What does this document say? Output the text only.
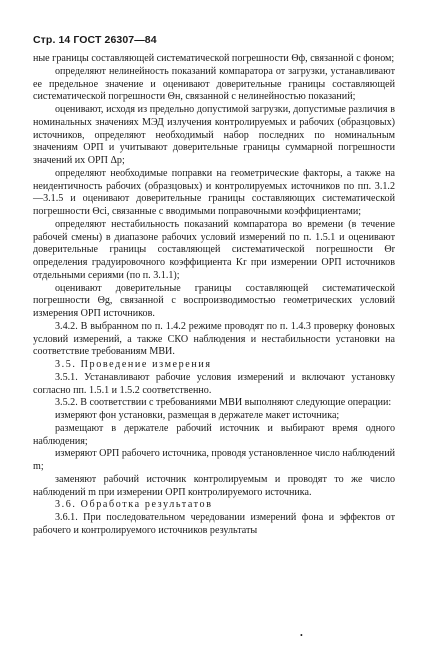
Стр. 14 ГОСТ 26307—84

ные границы составляющей систематической погрешности Θф, связанной с фоном;

определяют нелинейность показаний компаратора от загрузки, устанавливают ее предельное значение и оценивают доверительные границы составляющей систематической погрешности Θн, связанной с нелинейностью показаний;

оценивают, исходя из предельно допустимой загрузки, допустимые различия в номинальных значениях МЭД излучения контролируемых и рабочих (образцовых) источников, определяют необходимый набор последних по номинальным значениям ОРП и учитывают доверительные границы суммарной погрешности значений их ОРП Δр;

определяют необходимые поправки на геометрические факторы, а также на неидентичность рабочих (образцовых) и контролируемых источников по пп. 3.1.2—3.1.5 и оценивают доверительные границы составляющих систематической погрешности Θci, связанные с вводимыми поправочными коэффициентами;

определяют нестабильность показаний компаратора во времени (в течение рабочей смены) в диапазоне рабочих условий измерений по п. 1.5.1 и оценивают доверительные границы составляющей систематической погрешности Θr определения градуировочного коэффициента Kr при измерении ОРП источников отдельными сериями (по п. 3.1.1);

оценивают доверительные границы составляющей систематической погрешности Θg, связанной с воспроизводимостью геометрических условий измерения ОРП источников.

3.4.2. В выбранном по п. 1.4.2 режиме проводят по п. 1.4.3 проверку фоновых условий измерений, а также СКО наблюдения и нестабильности установки на соответствие требованиям МВИ.

3.5. Проведение измерения

3.5.1. Устанавливают рабочие условия измерений и включают установку согласно пп. 1.5.1 и 1.5.2 соответственно.

3.5.2. В соответствии с требованиями МВИ выполняют следующие операции:

измеряют фон установки, размещая в держателе макет источника;

размещают в держателе рабочий источник и выбирают время одного наблюдения;

измеряют ОРП рабочего источника, проводя установленное число наблюдений m;

заменяют рабочий источник контролируемым и проводят то же число наблюдений m при измерении ОРП контролируемого источника.

3.6. Обработка результатов

3.6.1. При последовательном чередовании измерений фона и эффектов от рабочего и контролируемого источников результаты

•
